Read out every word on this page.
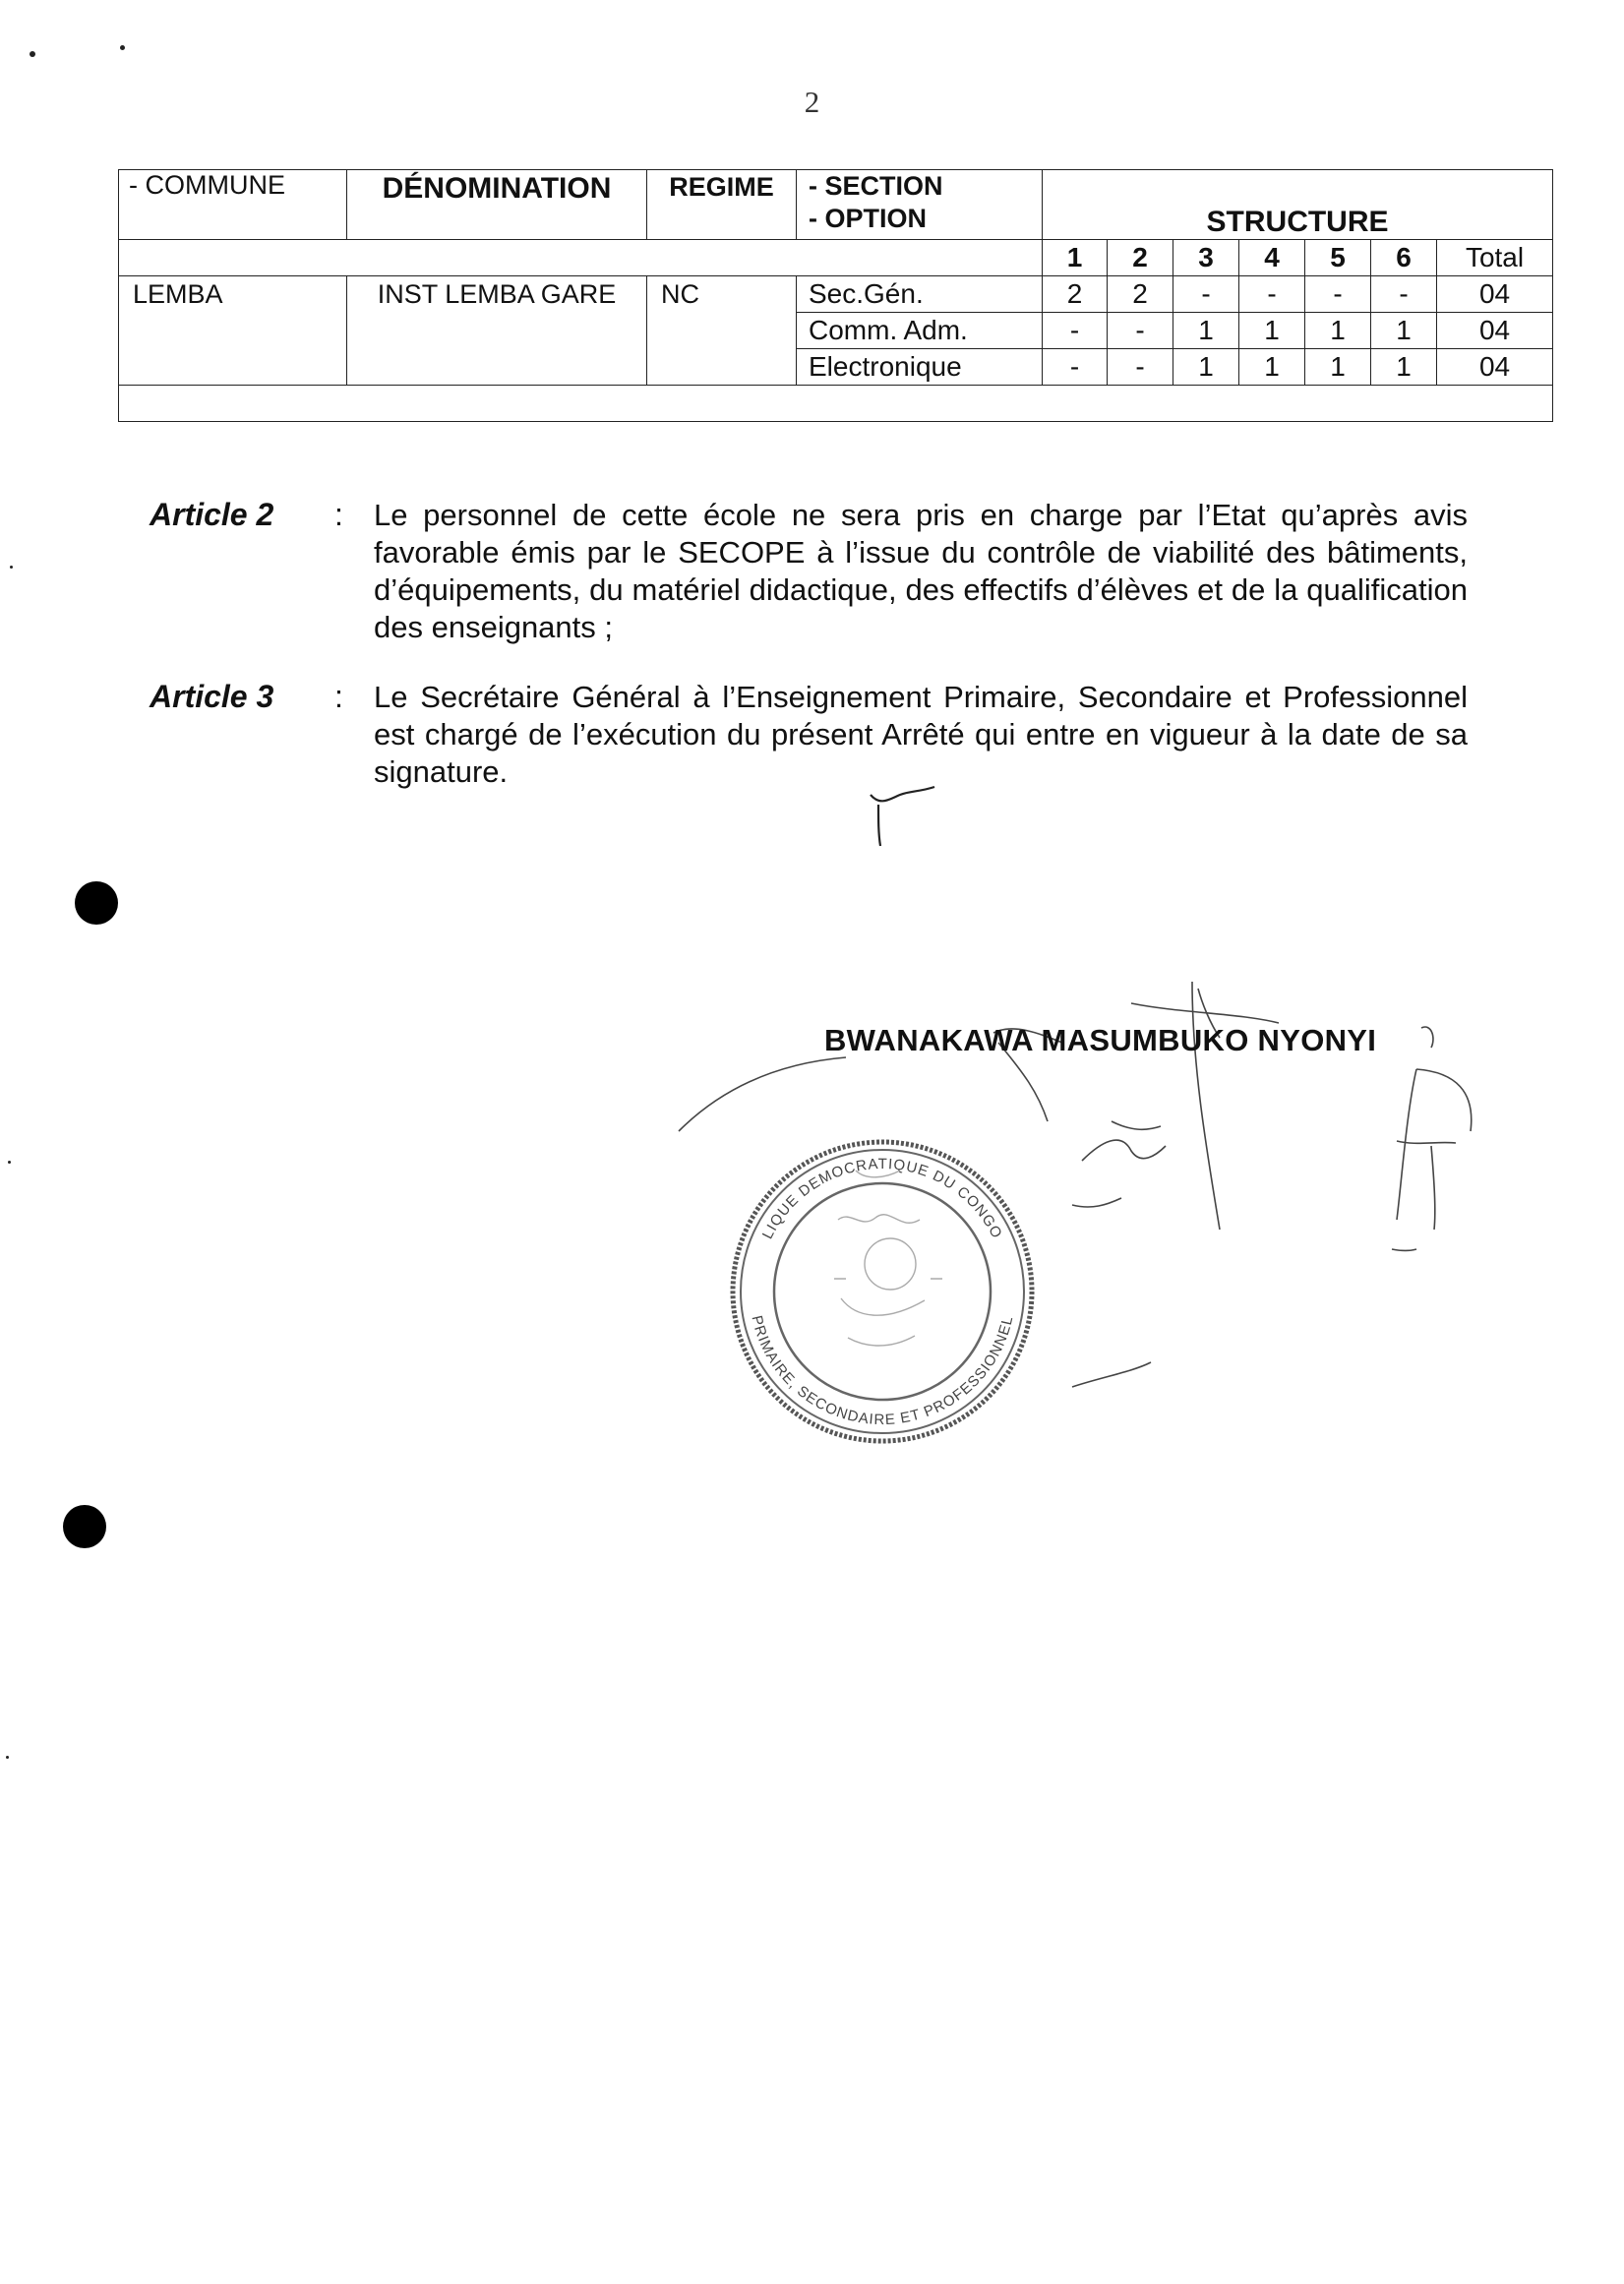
2
- COMMUNE	DÉNOMINATION	REGIME	- SECTION
- OPTION	STRUCTURE						
				1	2	3	4	5	6	Total
LEMBA	INST LEMBA GARE	NC	Sec.Gén.	2	2	-	-	-	-	04
			Comm. Adm.	-	-	1	1	1	1	04
			Electronique	-	-	1	1	1	1	04

Article 2 : Le personnel de cette école ne sera pris en charge par l’Etat qu’après avis favorable émis par le SECOPE à l’issue du contrôle de viabilité des bâtiments, d’équipements, du matériel didactique, des effectifs d’élèves et de la qualification des enseignants ;
Article 3 : Le Secrétaire Général à l’Enseignement Primaire, Secondaire et Professionnel est chargé de l’exécution du présent Arrêté qui entre en vigueur à la date de sa signature.
LIQUE DEMOCRATIQUE DU CONGO
PRIMAIRE, SECONDAIRE ET PROFESSIONNEL
BWANAKAWA MASUMBUKO NYONYI
